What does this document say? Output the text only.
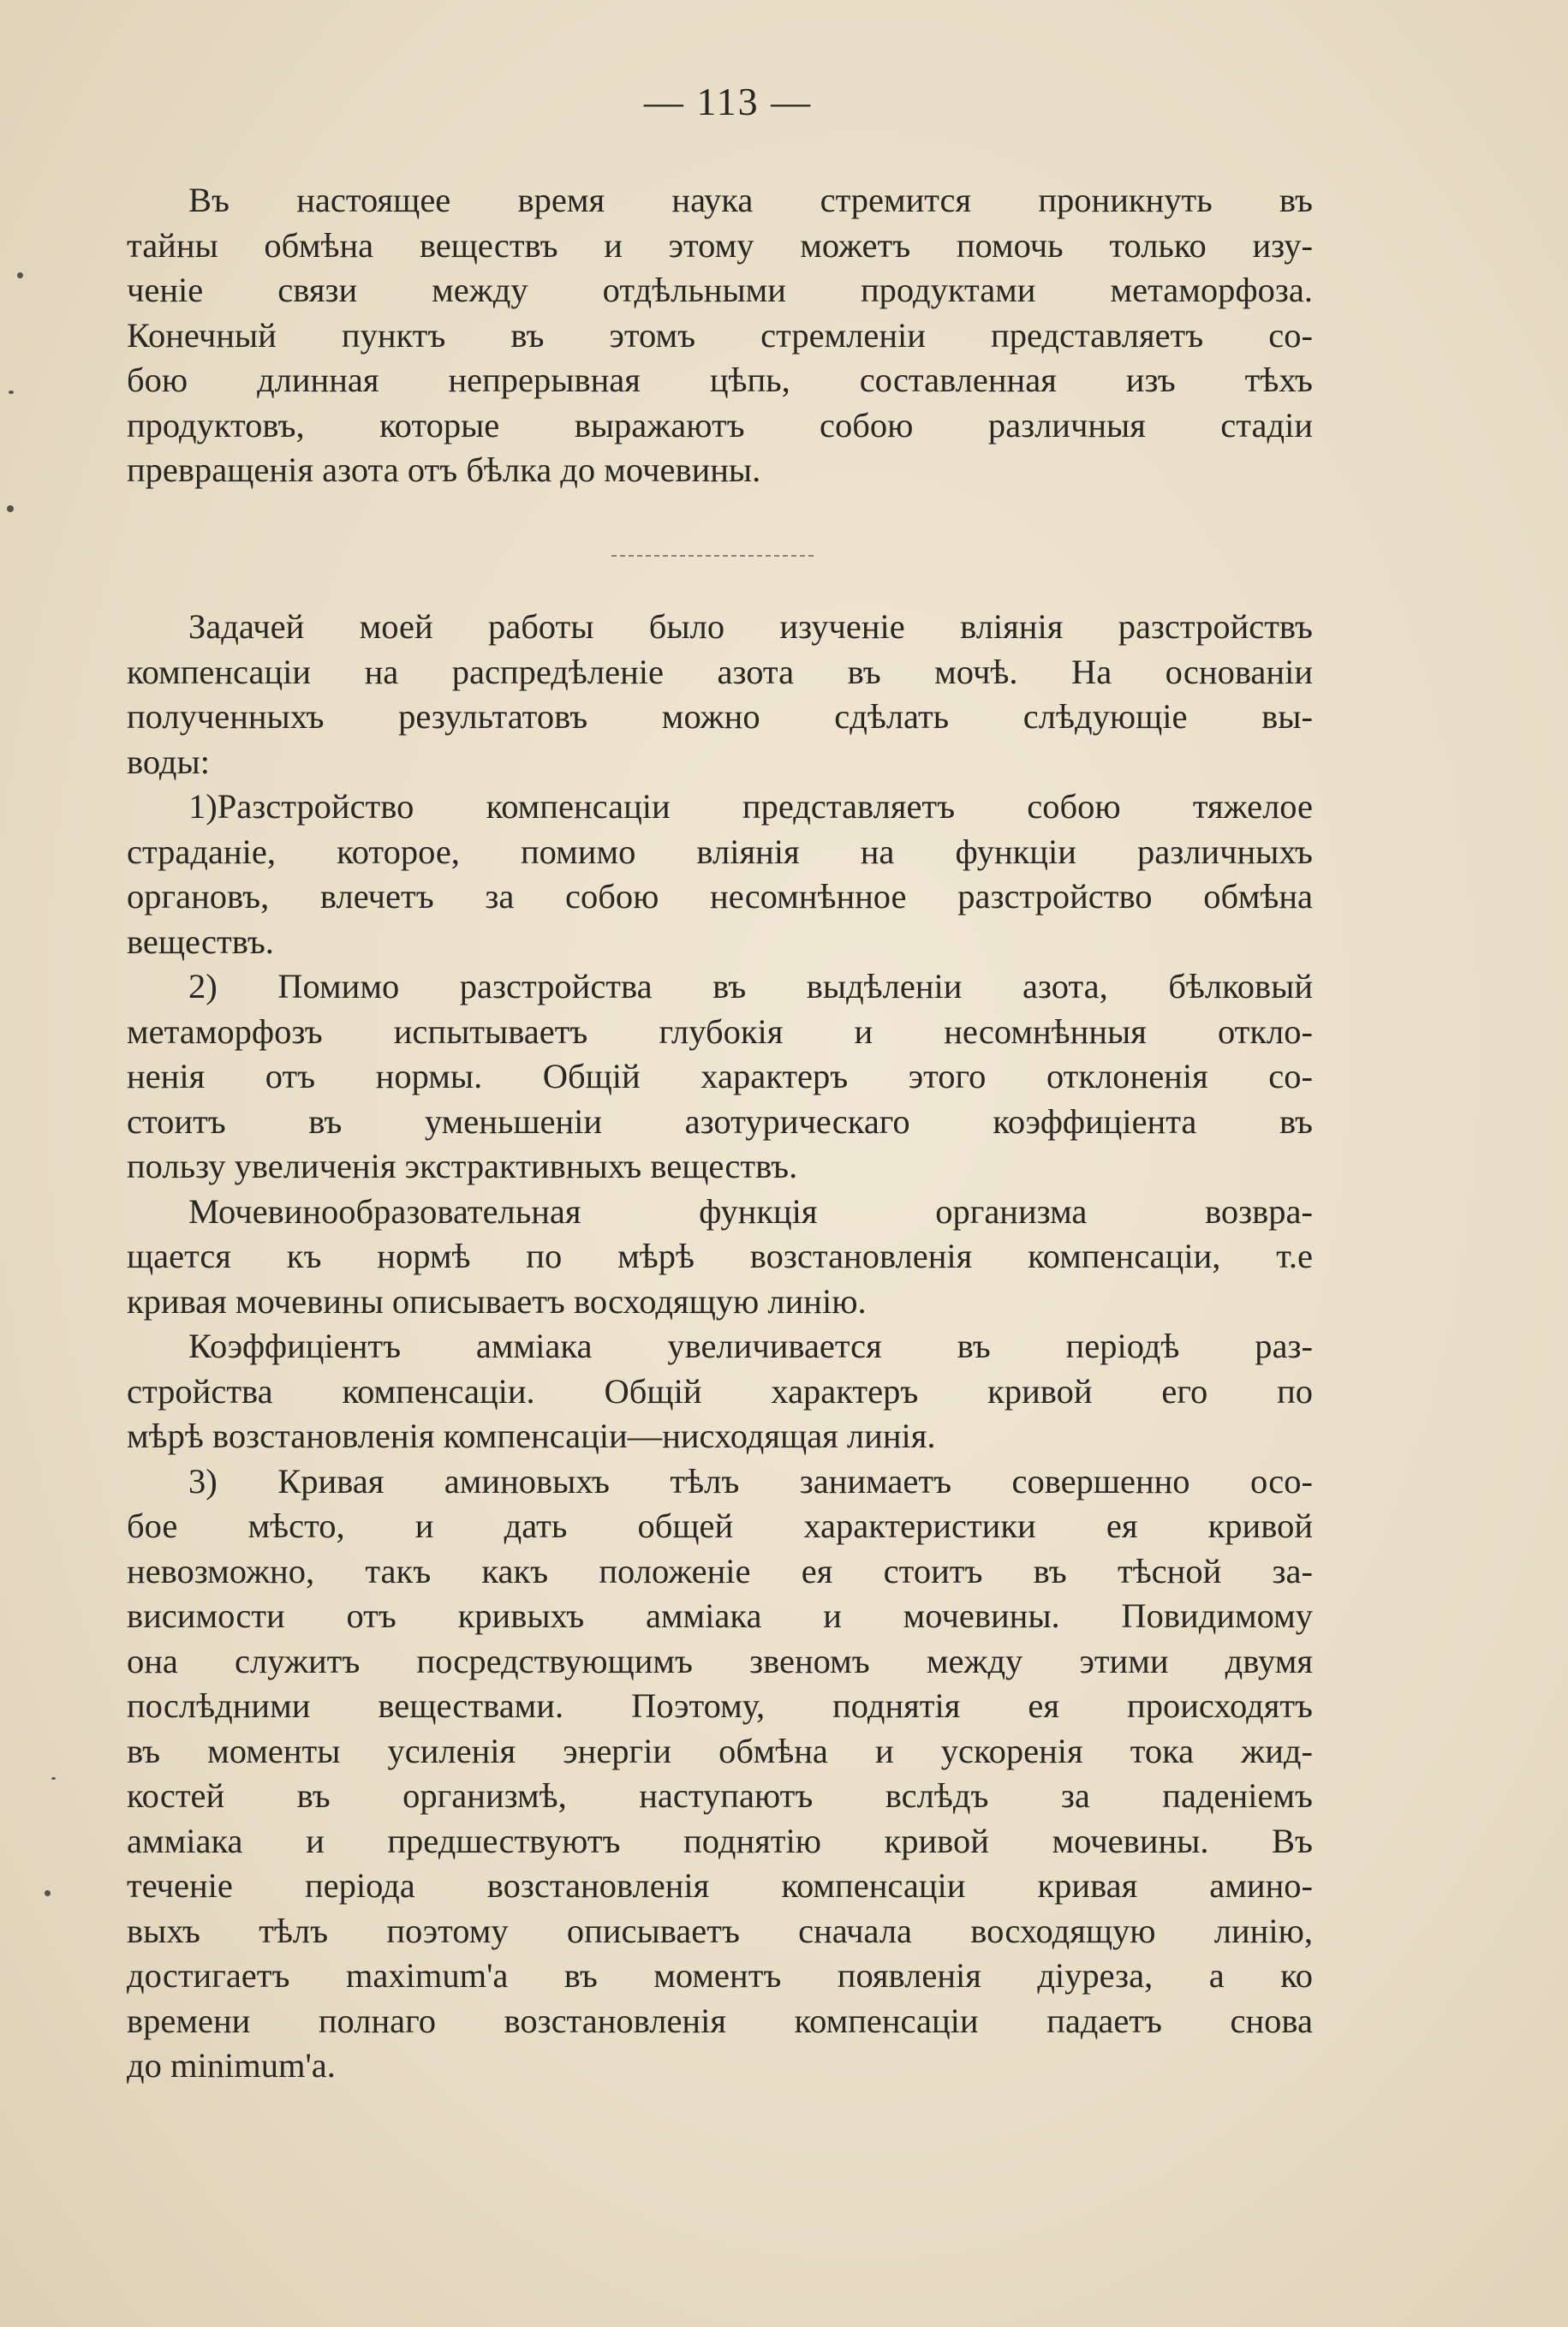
— 113 —
Въ настоящее время наука стремится проникнуть въ
тайны обмѣна веществъ и этому можетъ помочь только изу-
ченіе связи между отдѣльными продуктами метаморфоза.
Конечный пунктъ въ этомъ стремленіи представляетъ со-
бою длинная непрерывная цѣпь, составленная изъ тѣхъ
продуктовъ, которые выражаютъ собою различныя стадіи
превращенія азота отъ бѣлка до мочевины.
Задачей моей работы было изученіе вліянія разстройствъ
компенсаціи на распредѣленіе азота въ мочѣ. На основаніи
полученныхъ результатовъ можно сдѣлать слѣдующіе вы-
воды:
1)Разстройство компенсаціи представляетъ собою тяжелое
страданіе, которое, помимо вліянія на функціи различныхъ
органовъ, влечетъ за собою несомнѣнное разстройство обмѣна
веществъ.
2) Помимо разстройства въ выдѣленіи азота, бѣлковый
метаморфозъ испытываетъ глубокія и несомнѣнныя откло-
ненія отъ нормы. Общій характеръ этого отклоненія со-
стоитъ въ уменьшеніи азотурическаго коэффиціента въ
пользу увеличенія экстрактивныхъ веществъ.
Мочевинообразовательная функція организма возвра-
щается къ нормѣ по мѣрѣ возстановленія компенсаціи, т.е
кривая мочевины описываетъ восходящую линію.
Коэффиціентъ амміака увеличивается въ періодѣ раз-
стройства компенсаціи. Общій характеръ кривой его по
мѣрѣ возстановленія компенсаціи—нисходящая линія.
3) Кривая аминовыхъ тѣлъ занимаетъ совершенно осо-
бое мѣсто, и дать общей характеристики ея кривой
невозможно, такъ какъ положеніе ея стоитъ въ тѣсной за-
висимости отъ кривыхъ амміака и мочевины. Повидимому
она служитъ посредствующимъ звеномъ между этими двумя
послѣдними веществами. Поэтому, поднятія ея происходятъ
въ моменты усиленія энергіи обмѣна и ускоренія тока жид-
костей въ организмѣ, наступаютъ вслѣдъ за паденіемъ
амміака и предшествуютъ поднятію кривой мочевины. Въ
теченіе періода возстановленія компенсаціи кривая амино-
выхъ тѣлъ поэтому описываетъ сначала восходящую линію,
достигаетъ maximum'а въ моментъ появленія діуреза, а ко
времени полнаго возстановленія компенсаціи падаетъ снова
до minimum'а.
